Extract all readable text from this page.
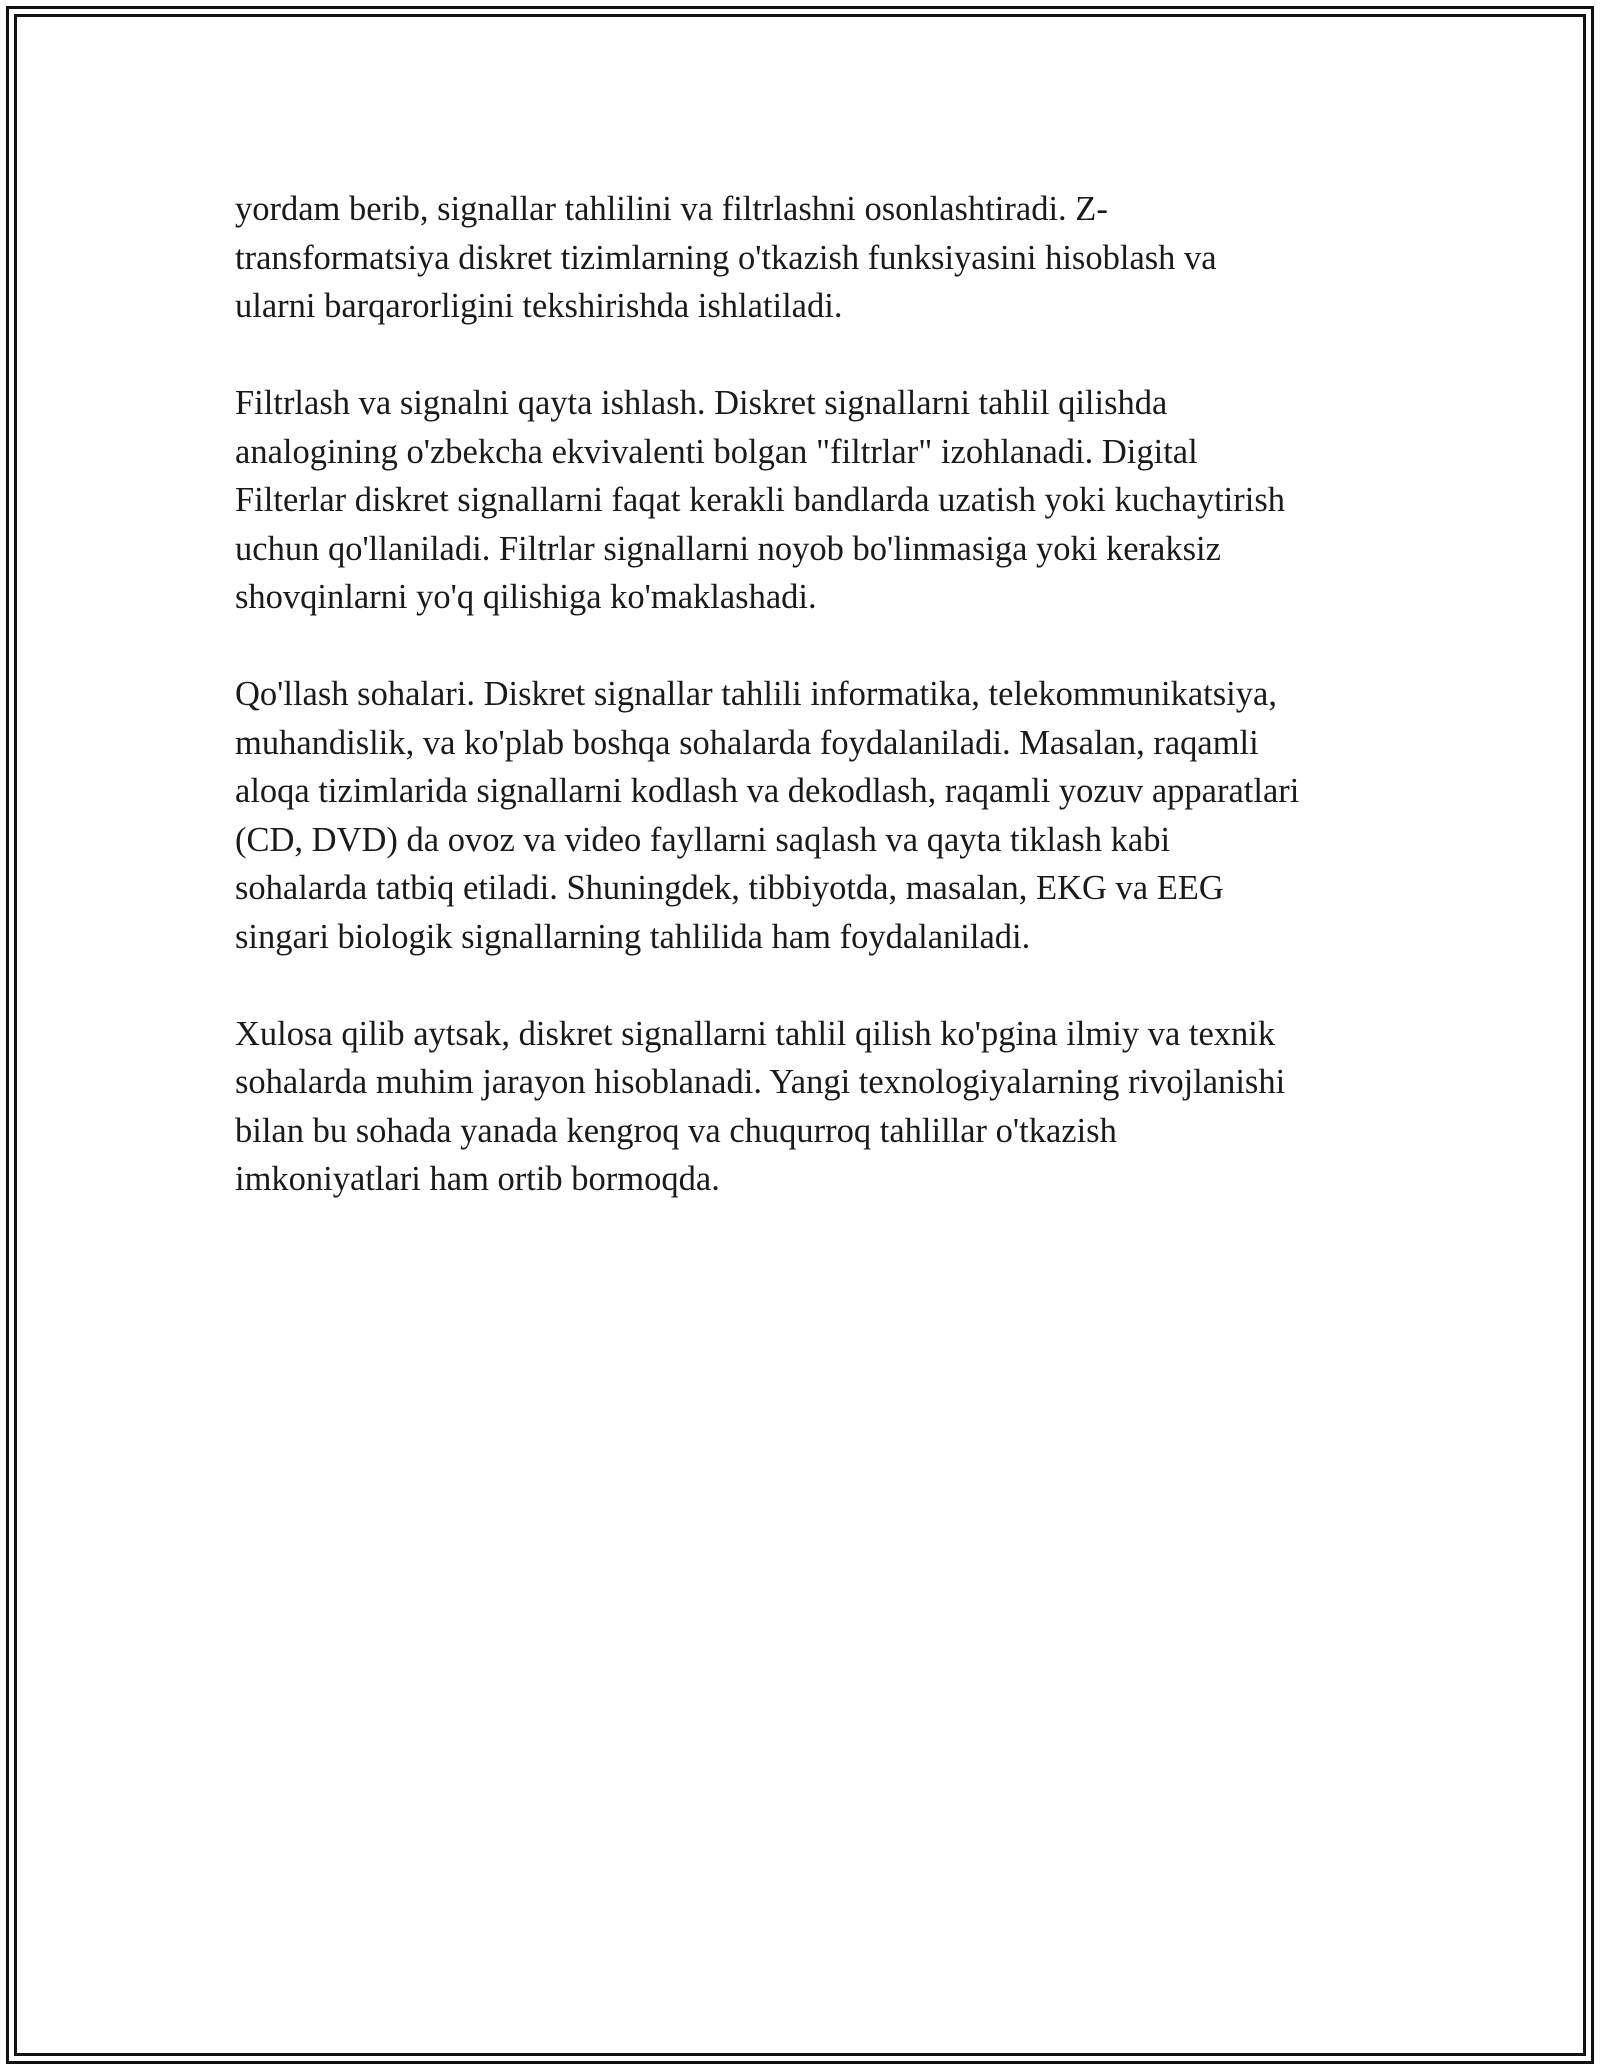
yordam berib, signallar tahlilini va filtrlashni osonlashtiradi. Z-
transformatsiya diskret tizimlarning o'tkazish funksiyasini hisoblash va
ularni barqarorligini tekshirishda ishlatiladi.

Filtrlash va signalni qayta ishlash. Diskret signallarni tahlil qilishda
analogining o'zbekcha ekvivalenti bolgan "filtrlar" izohlanadi. Digital
Filterlar diskret signallarni faqat kerakli bandlarda uzatish yoki kuchaytirish
uchun qo'llaniladi. Filtrlar signallarni noyob bo'linmasiga yoki keraksiz
shovqinlarni yo'q qilishiga ko'maklashadi.

Qo'llash sohalari. Diskret signallar tahlili informatika, telekommunikatsiya,
muhandislik, va ko'plab boshqa sohalarda foydalaniladi. Masalan, raqamli
aloqa tizimlarida signallarni kodlash va dekodlash, raqamli yozuv apparatlari
(CD, DVD) da ovoz va video fayllarni saqlash va qayta tiklash kabi
sohalarda tatbiq etiladi. Shuningdek, tibbiyotda, masalan, EKG va EEG
singari biologik signallarning tahlilida ham foydalaniladi.

Xulosa qilib aytsak, diskret signallarni tahlil qilish ko'pgina ilmiy va texnik
sohalarda muhim jarayon hisoblanadi. Yangi texnologiyalarning rivojlanishi
bilan bu sohada yanada kengroq va chuqurroq tahlillar o'tkazish
imkoniyatlari ham ortib bormoqda.
